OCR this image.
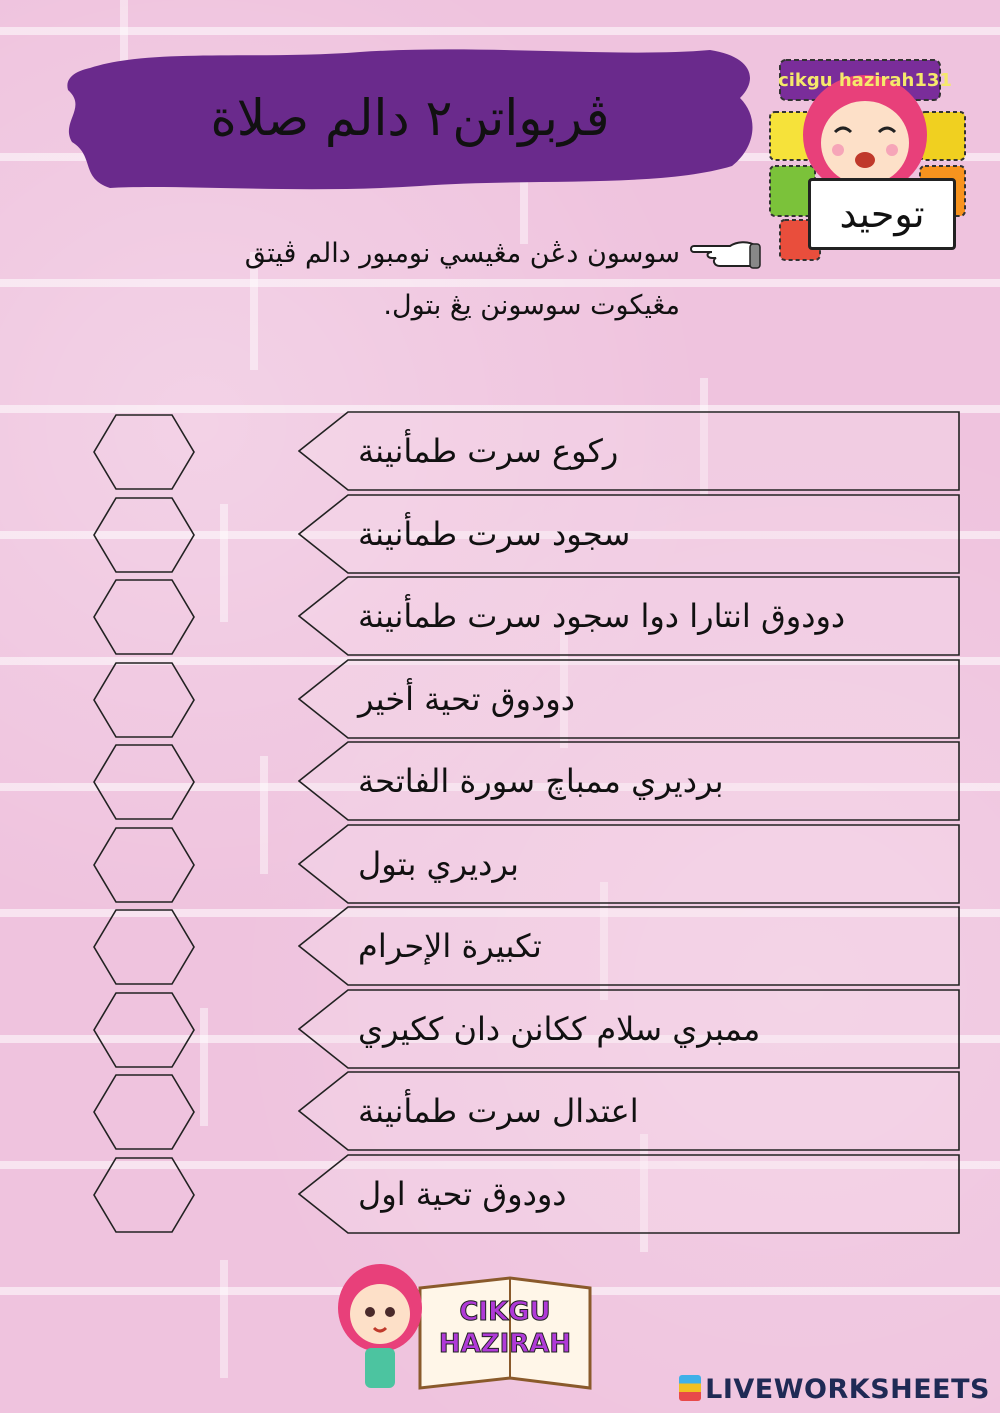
ڤربواتن٢ دالم صلاة
cikgu hazirah131
توحيد
سوسون دڠن مڠيسي نومبور دالم ڤيتق
مڠيكوت سوسونن يڠ بتول.
ركوع سرت طمأنينة
سجود سرت طمأنينة
دودوق انتارا دوا سجود سرت طمأنينة
دودوق تحية أخير
برديري ممباچ سورة الفاتحة
برديري بتول
تكبيرة الإحرام
ممبري سلام ككانن دان ككيري
اعتدال سرت طمأنينة
دودوق تحية اول
CIKGU
HAZIRAH
LIVEWORKSHEETS
